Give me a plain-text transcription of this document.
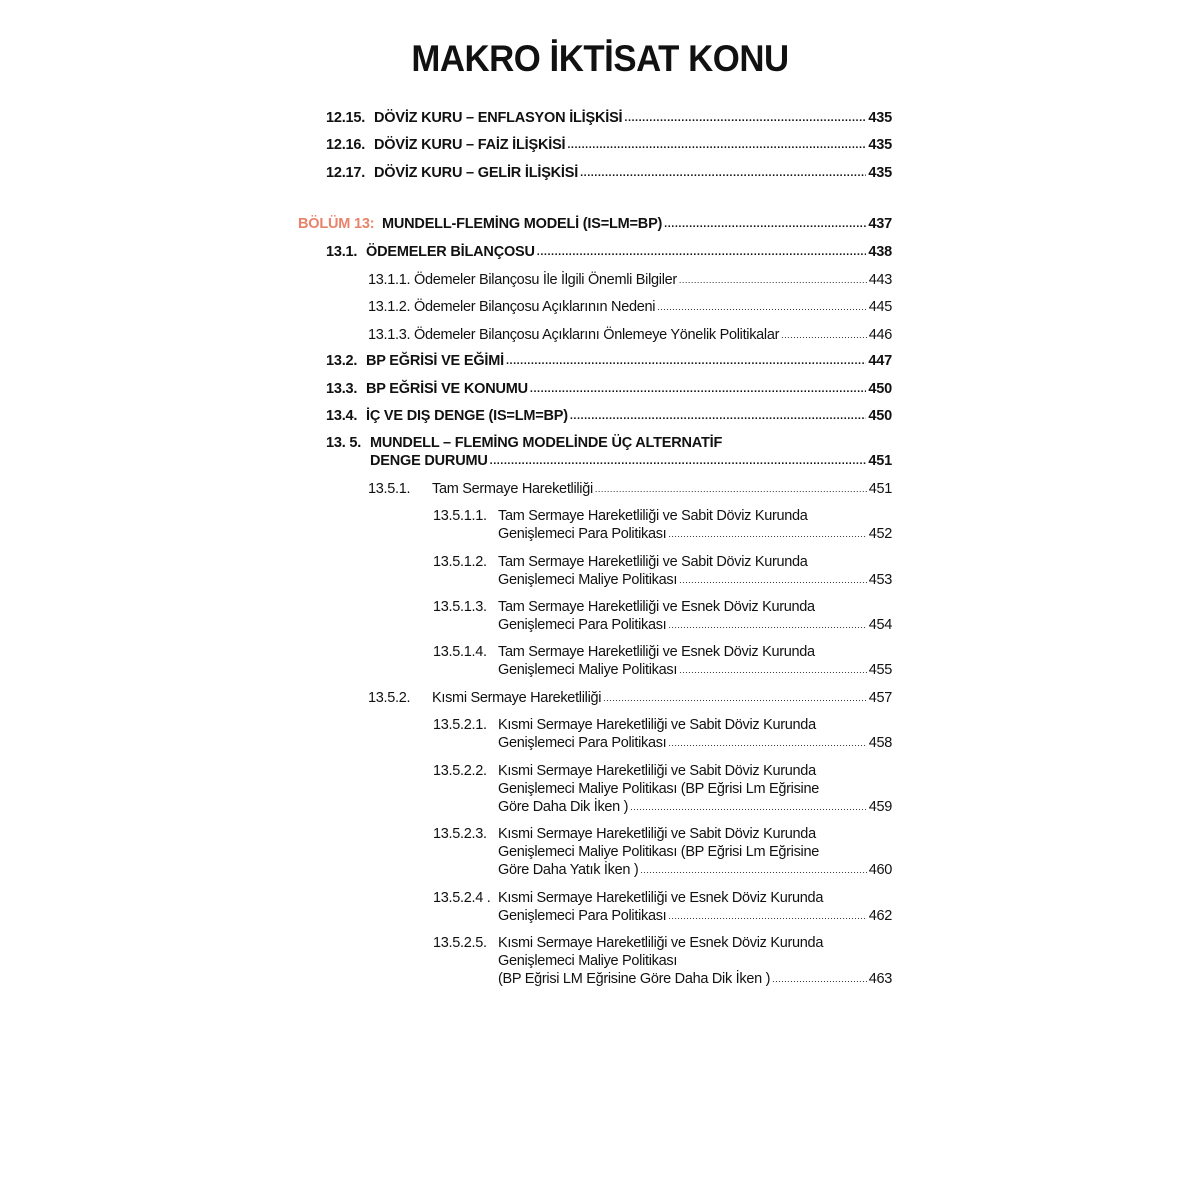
MAKRO İKTİSAT KONU
12.15. DÖVİZ KURU – ENFLASYON İLİŞKİSİ .....	435
12.16. DÖVİZ KURU – FAİZ İLİŞKİSİ .....	435
12.17. DÖVİZ KURU – GELİR İLİŞKİSİ .....	435
BÖLÜM 13: MUNDELL-FLEMİNG MODELİ (IS=LM=BP) .....	437
13.1. ÖDEMELER BİLANÇOSU .....	438
13.1.1. Ödemeler Bilançosu İle İlgili Önemli Bilgiler .....	443
13.1.2. Ödemeler Bilançosu Açıklarının Nedeni .....	445
13.1.3. Ödemeler Bilançosu Açıklarını Önlemeye Yönelik Politikalar .....	446
13.2. BP EĞRİSİ VE EĞİMİ .....	447
13.3. BP EĞRİSİ VE KONUMU .....	450
13.4. İÇ VE DIŞ DENGE (IS=LM=BP) .....	450
13. 5. MUNDELL – FLEMİNG MODELİNDE ÜÇ ALTERNATİF
DENGE DURUMU .....	451
13.5.1.	Tam Sermaye Hareketliliği .....	451
13.5.1.1. Tam Sermaye Hareketliliği ve Sabit Döviz Kurunda
Genişlemeci Para Politikası .....	452
13.5.1.2. Tam Sermaye Hareketliliği ve Sabit Döviz Kurunda
Genişlemeci Maliye Politikası .....	453
13.5.1.3. Tam Sermaye Hareketliliği ve Esnek Döviz Kurunda
Genişlemeci Para Politikası .....	454
13.5.1.4. Tam Sermaye Hareketliliği ve Esnek Döviz Kurunda
Genişlemeci Maliye Politikası .....	455
13.5.2.	Kısmi Sermaye Hareketliliği .....	457
13.5.2.1. Kısmi Sermaye Hareketliliği ve Sabit Döviz Kurunda
Genişlemeci Para Politikası .....	458
13.5.2.2. Kısmi Sermaye Hareketliliği ve Sabit Döviz Kurunda
Genişlemeci Maliye Politikası (BP Eğrisi Lm Eğrisine
Göre Daha Dik İken ) .....	459
13.5.2.3. Kısmi Sermaye Hareketliliği ve Sabit Döviz Kurunda
Genişlemeci Maliye Politikası (BP Eğrisi Lm Eğrisine
Göre Daha Yatık İken ) .....	460
13.5.2.4 . Kısmi Sermaye Hareketliliği ve Esnek Döviz Kurunda
Genişlemeci Para Politikası .....	462
13.5.2.5. Kısmi Sermaye Hareketliliği ve Esnek Döviz Kurunda
Genişlemeci Maliye Politikası
(BP Eğrisi LM Eğrisine Göre Daha Dik İken ) .....	463
